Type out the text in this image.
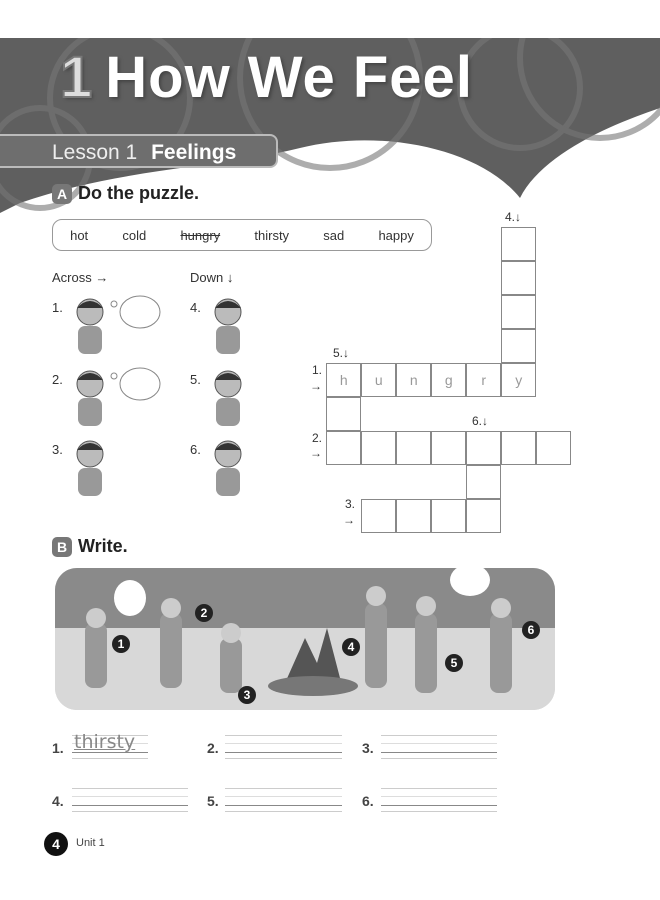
1 How We Feel
Lesson 1 Feelings
A Do the puzzle.
hot	cold	hungry	thirsty	sad	happy
Across →	Down ↓
1.
2.
3.
4.
5.
6.
h	u	n	g	r	y
4.↓
5.↓
1.
→
6.↓
2.
→
3.
→
B Write.
1
2
3
4
5
6
1. thirsty	2.	3.
4.	5.	6.
4	Unit 1
